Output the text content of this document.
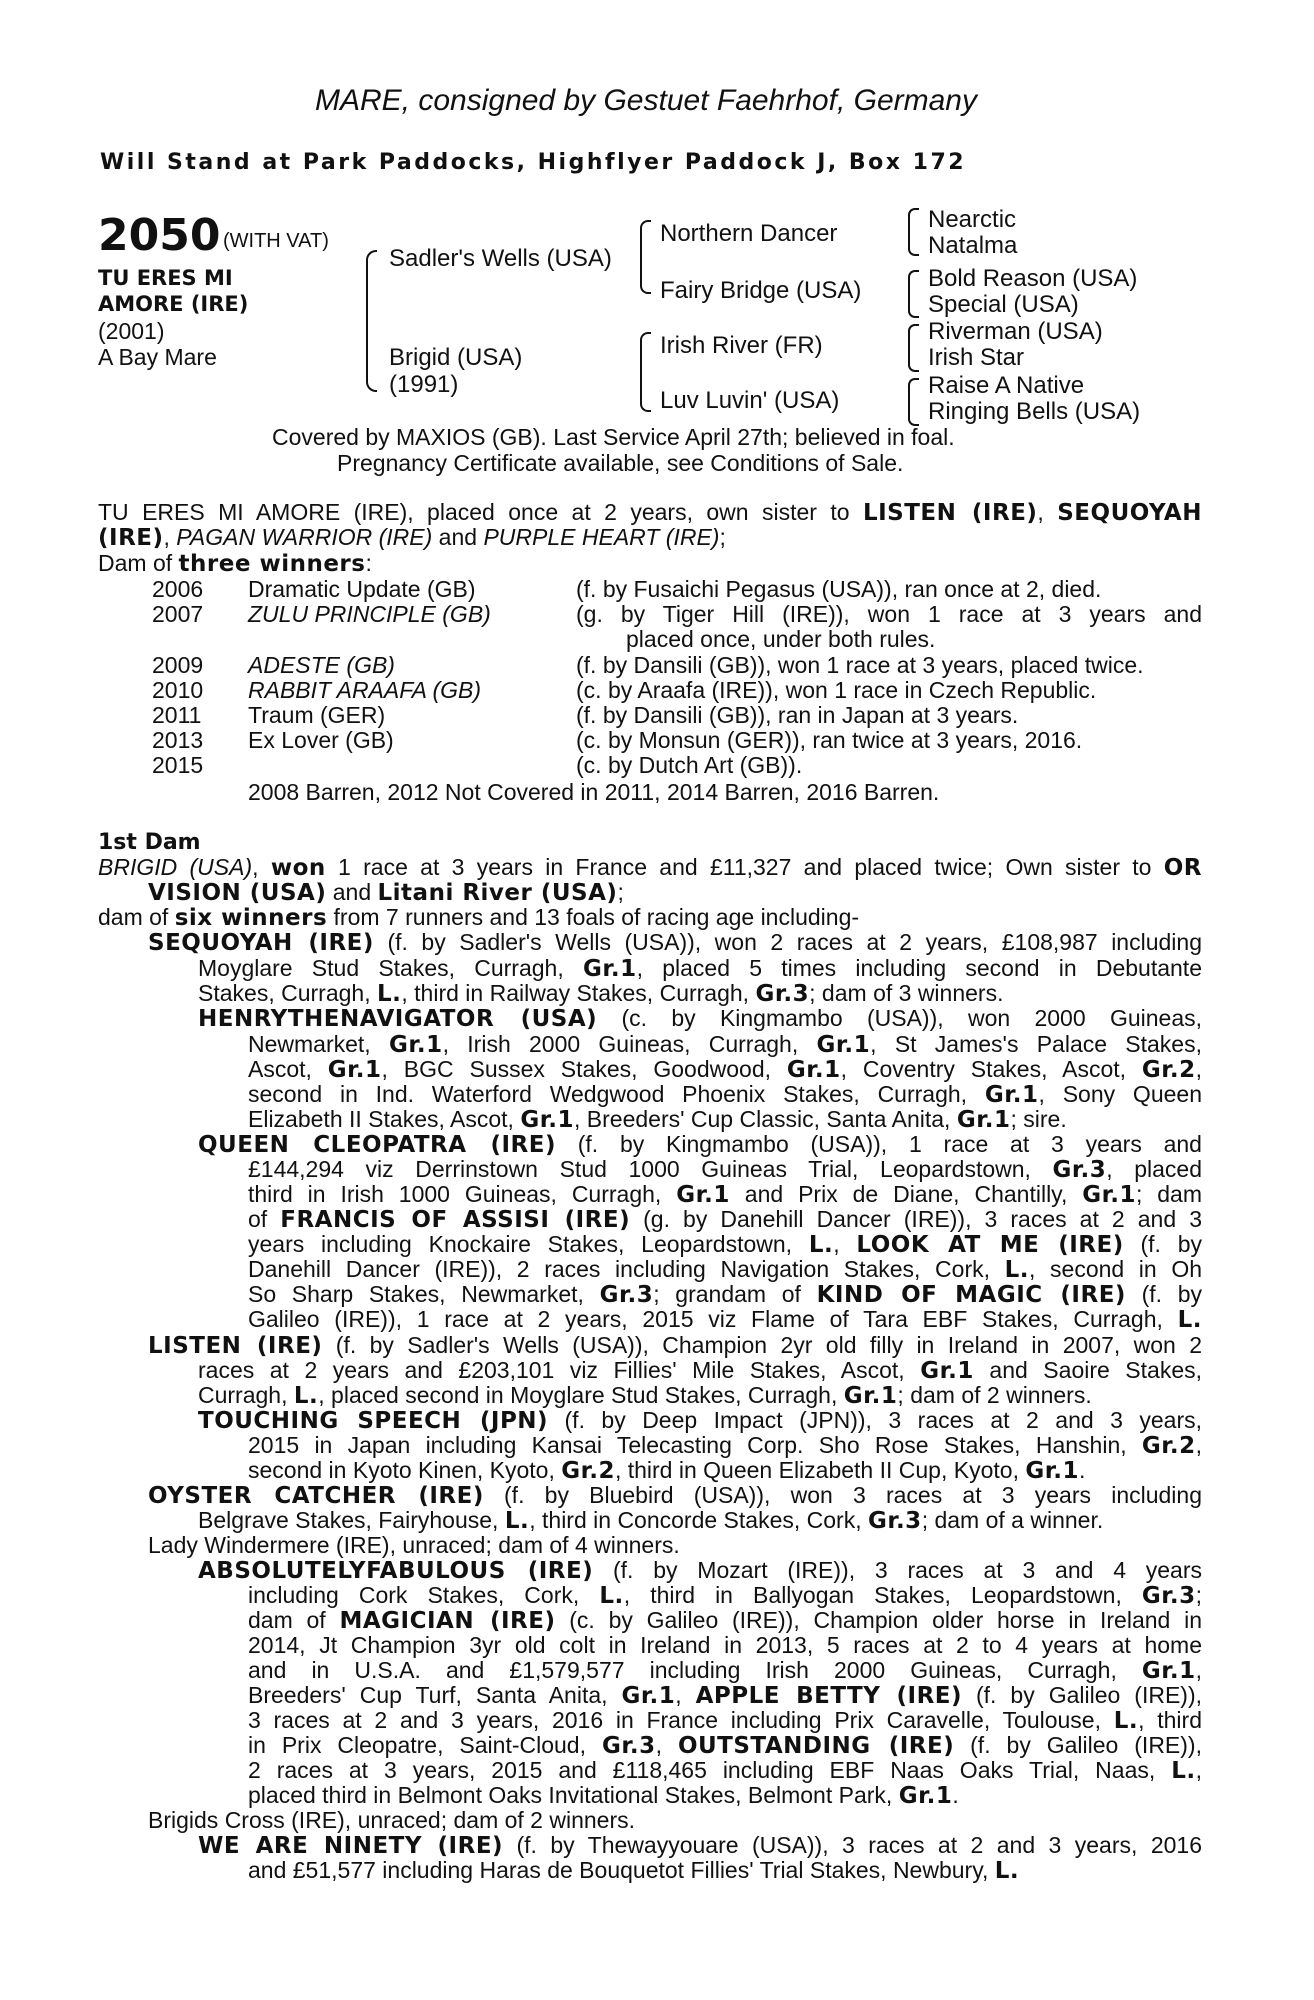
MARE, consigned by Gestuet Faehrhof, Germany
Will Stand at Park Paddocks, Highflyer Paddock J, Box 172
2050 (WITH VAT)
TU ERES MI
AMORE (IRE)
(2001)
A Bay Mare
Sadler's Wells (USA)
Brigid (USA)
(1991)
Northern Dancer
Fairy Bridge (USA)
Irish River (FR)
Luv Luvin' (USA)
Nearctic
Natalma
Bold Reason (USA)
Special (USA)
Riverman (USA)
Irish Star
Raise A Native
Ringing Bells (USA)
Covered by MAXIOS (GB). Last Service April 27th; believed in foal.
Pregnancy Certificate available, see Conditions of Sale.
TU ERES MI AMORE (IRE), placed once at 2 years, own sister to LISTEN (IRE), SEQUOYAH
(IRE), PAGAN WARRIOR (IRE) and PURPLE HEART (IRE);
Dam of three winners:
2006 Dramatic Update (GB)	(f. by Fusaichi Pegasus (USA)), ran once at 2, died.
2007 ZULU PRINCIPLE (GB)	(g. by Tiger Hill (IRE)), won 1 race at 3 years and
placed once, under both rules.
2009 ADESTE (GB)	(f. by Dansili (GB)), won 1 race at 3 years, placed twice.
2010 RABBIT ARAAFA (GB)	(c. by Araafa (IRE)), won 1 race in Czech Republic.
2011 Traum (GER)	(f. by Dansili (GB)), ran in Japan at 3 years.
2013 Ex Lover (GB)	(c. by Monsun (GER)), ran twice at 3 years, 2016.
2015	(c. by Dutch Art (GB)).
2008 Barren, 2012 Not Covered in 2011, 2014 Barren, 2016 Barren.
1st Dam
BRIGID (USA), won 1 race at 3 years in France and £11,327 and placed twice; Own sister to OR
VISION (USA) and Litani River (USA);
dam of six winners from 7 runners and 13 foals of racing age including-
SEQUOYAH (IRE) (f. by Sadler's Wells (USA)), won 2 races at 2 years, £108,987 including
Moyglare Stud Stakes, Curragh, Gr.1, placed 5 times including second in Debutante
Stakes, Curragh, L., third in Railway Stakes, Curragh, Gr.3; dam of 3 winners.
HENRYTHENAVIGATOR (USA) (c. by Kingmambo (USA)), won 2000 Guineas,
Newmarket, Gr.1, Irish 2000 Guineas, Curragh, Gr.1, St James's Palace Stakes,
Ascot, Gr.1, BGC Sussex Stakes, Goodwood, Gr.1, Coventry Stakes, Ascot, Gr.2,
second in Ind. Waterford Wedgwood Phoenix Stakes, Curragh, Gr.1, Sony Queen
Elizabeth II Stakes, Ascot, Gr.1, Breeders' Cup Classic, Santa Anita, Gr.1; sire.
QUEEN CLEOPATRA (IRE) (f. by Kingmambo (USA)), 1 race at 3 years and
£144,294 viz Derrinstown Stud 1000 Guineas Trial, Leopardstown, Gr.3, placed
third in Irish 1000 Guineas, Curragh, Gr.1 and Prix de Diane, Chantilly, Gr.1; dam
of FRANCIS OF ASSISI (IRE) (g. by Danehill Dancer (IRE)), 3 races at 2 and 3
years including Knockaire Stakes, Leopardstown, L., LOOK AT ME (IRE) (f. by
Danehill Dancer (IRE)), 2 races including Navigation Stakes, Cork, L., second in Oh
So Sharp Stakes, Newmarket, Gr.3; grandam of KIND OF MAGIC (IRE) (f. by
Galileo (IRE)), 1 race at 2 years, 2015 viz Flame of Tara EBF Stakes, Curragh, L.
LISTEN (IRE) (f. by Sadler's Wells (USA)), Champion 2yr old filly in Ireland in 2007, won 2
races at 2 years and £203,101 viz Fillies' Mile Stakes, Ascot, Gr.1 and Saoire Stakes,
Curragh, L., placed second in Moyglare Stud Stakes, Curragh, Gr.1; dam of 2 winners.
TOUCHING SPEECH (JPN) (f. by Deep Impact (JPN)), 3 races at 2 and 3 years,
2015 in Japan including Kansai Telecasting Corp. Sho Rose Stakes, Hanshin, Gr.2,
second in Kyoto Kinen, Kyoto, Gr.2, third in Queen Elizabeth II Cup, Kyoto, Gr.1.
OYSTER CATCHER (IRE) (f. by Bluebird (USA)), won 3 races at 3 years including
Belgrave Stakes, Fairyhouse, L., third in Concorde Stakes, Cork, Gr.3; dam of a winner.
Lady Windermere (IRE), unraced; dam of 4 winners.
ABSOLUTELYFABULOUS (IRE) (f. by Mozart (IRE)), 3 races at 3 and 4 years
including Cork Stakes, Cork, L., third in Ballyogan Stakes, Leopardstown, Gr.3;
dam of MAGICIAN (IRE) (c. by Galileo (IRE)), Champion older horse in Ireland in
2014, Jt Champion 3yr old colt in Ireland in 2013, 5 races at 2 to 4 years at home
and in U.S.A. and £1,579,577 including Irish 2000 Guineas, Curragh, Gr.1,
Breeders' Cup Turf, Santa Anita, Gr.1, APPLE BETTY (IRE) (f. by Galileo (IRE)),
3 races at 2 and 3 years, 2016 in France including Prix Caravelle, Toulouse, L., third
in Prix Cleopatre, Saint-Cloud, Gr.3, OUTSTANDING (IRE) (f. by Galileo (IRE)),
2 races at 3 years, 2015 and £118,465 including EBF Naas Oaks Trial, Naas, L.,
placed third in Belmont Oaks Invitational Stakes, Belmont Park, Gr.1.
Brigids Cross (IRE), unraced; dam of 2 winners.
WE ARE NINETY (IRE) (f. by Thewayyouare (USA)), 3 races at 2 and 3 years, 2016
and £51,577 including Haras de Bouquetot Fillies' Trial Stakes, Newbury, L.
